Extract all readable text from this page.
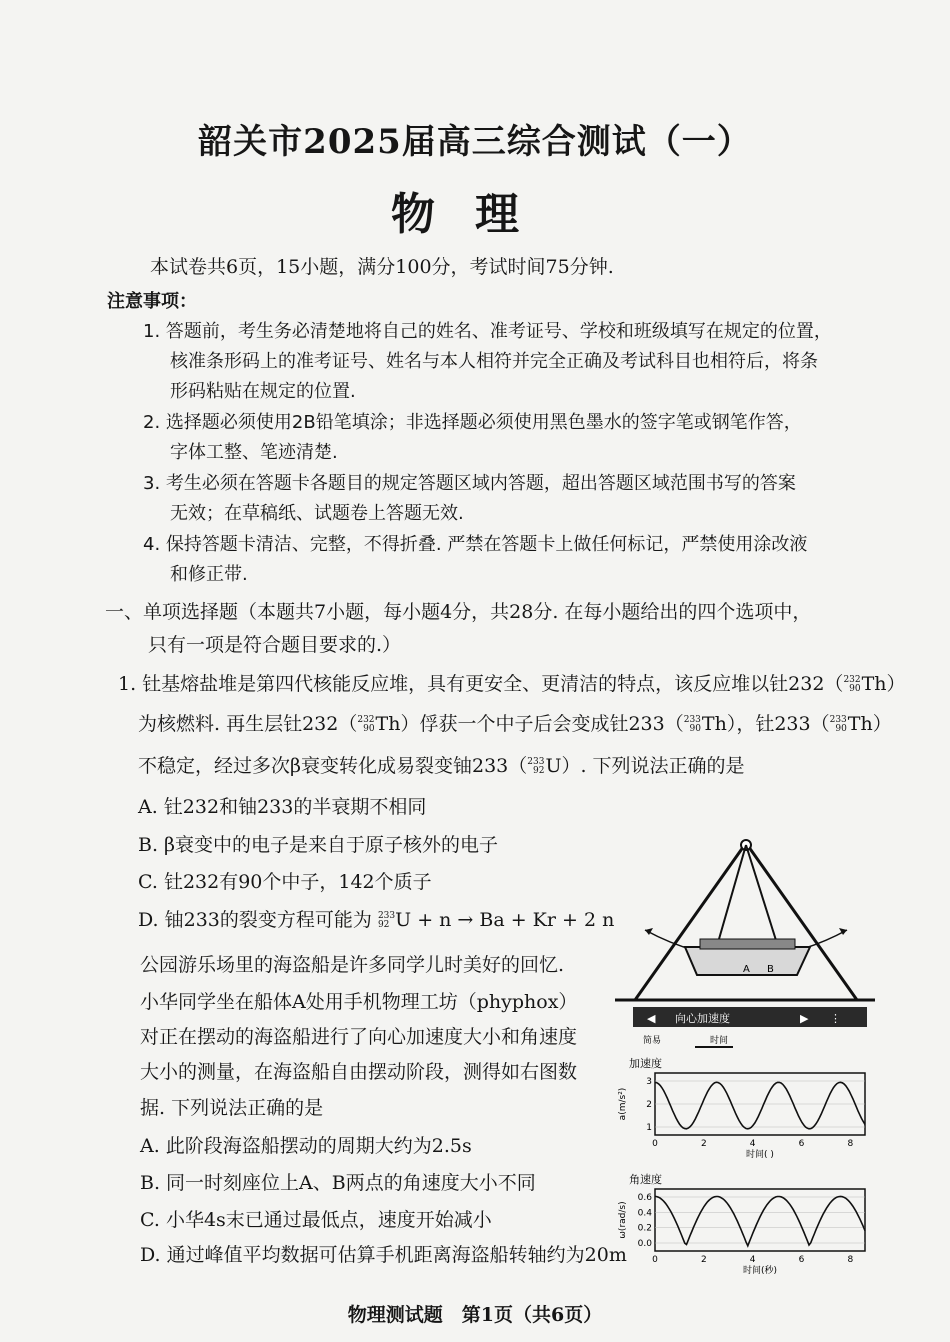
韶关市2025届高三综合测试（一）
物理
本试卷共6页，15小题，满分100分，考试时间75分钟.
注意事项：
1. 答题前，考生务必清楚地将自己的姓名、准考证号、学校和班级填写在规定的位置，
核准条形码上的准考证号、姓名与本人相符并完全正确及考试科目也相符后，将条
形码粘贴在规定的位置.
2. 选择题必须使用2B铅笔填涂；非选择题必须使用黑色墨水的签字笔或钢笔作答，
字体工整、笔迹清楚.
3. 考生必须在答题卡各题目的规定答题区域内答题，超出答题区域范围书写的答案
无效；在草稿纸、试题卷上答题无效.
4. 保持答题卡清洁、完整，不得折叠. 严禁在答题卡上做任何标记，严禁使用涂改液
和修正带.
一、单项选择题（本题共7小题，每小题4分，共28分. 在每小题给出的四个选项中，
只有一项是符合题目要求的.）
1. 钍基熔盐堆是第四代核能反应堆，具有更安全、更清洁的特点，该反应堆以钍232（ 232
90 Th）
为核燃料. 再生层钍232（ 232
90 Th）俘获一个中子后会变成钍233（ 233
90 Th），钍233（ 233
90 Th）
不稳定，经过多次β衰变转化成易裂变铀233（ 233
92 U）. 下列说法正确的是
A. 钍232和铀233的半衰期不相同
B. β衰变中的电子是来自于原子核外的电子
C. 钍232有90个中子，142个质子
D. 铀233的裂变方程可能为 233
92 U + n → Ba + Kr + 2 n
公园游乐场里的海盗船是许多同学儿时美好的回忆.
小华同学坐在船体A处用手机物理工坊（phyphox）
对正在摆动的海盗船进行了向心加速度大小和角速度
大小的测量，在海盗船自由摆动阶段，测得如右图数
据. 下列说法正确的是
A. 此阶段海盗船摆动的周期大约为2.5s
B. 同一时刻座位上A、B两点的角速度大小不同
C. 小华4s末已通过最低点，速度开始减小
D. 通过峰值平均数据可估算手机距离海盗船转轴约为20m
A B
◀ 向心加速度	▶ ⋮
简易	时间
加速度
3
2
1
0	2	4	6	8
a(m/s²)
时间( )
角速度
0.6
0.4
0.2
0.0
0	2	4	6	8
ω(rad/s)
时间(秒)
物理测试题　第1页（共6页）
